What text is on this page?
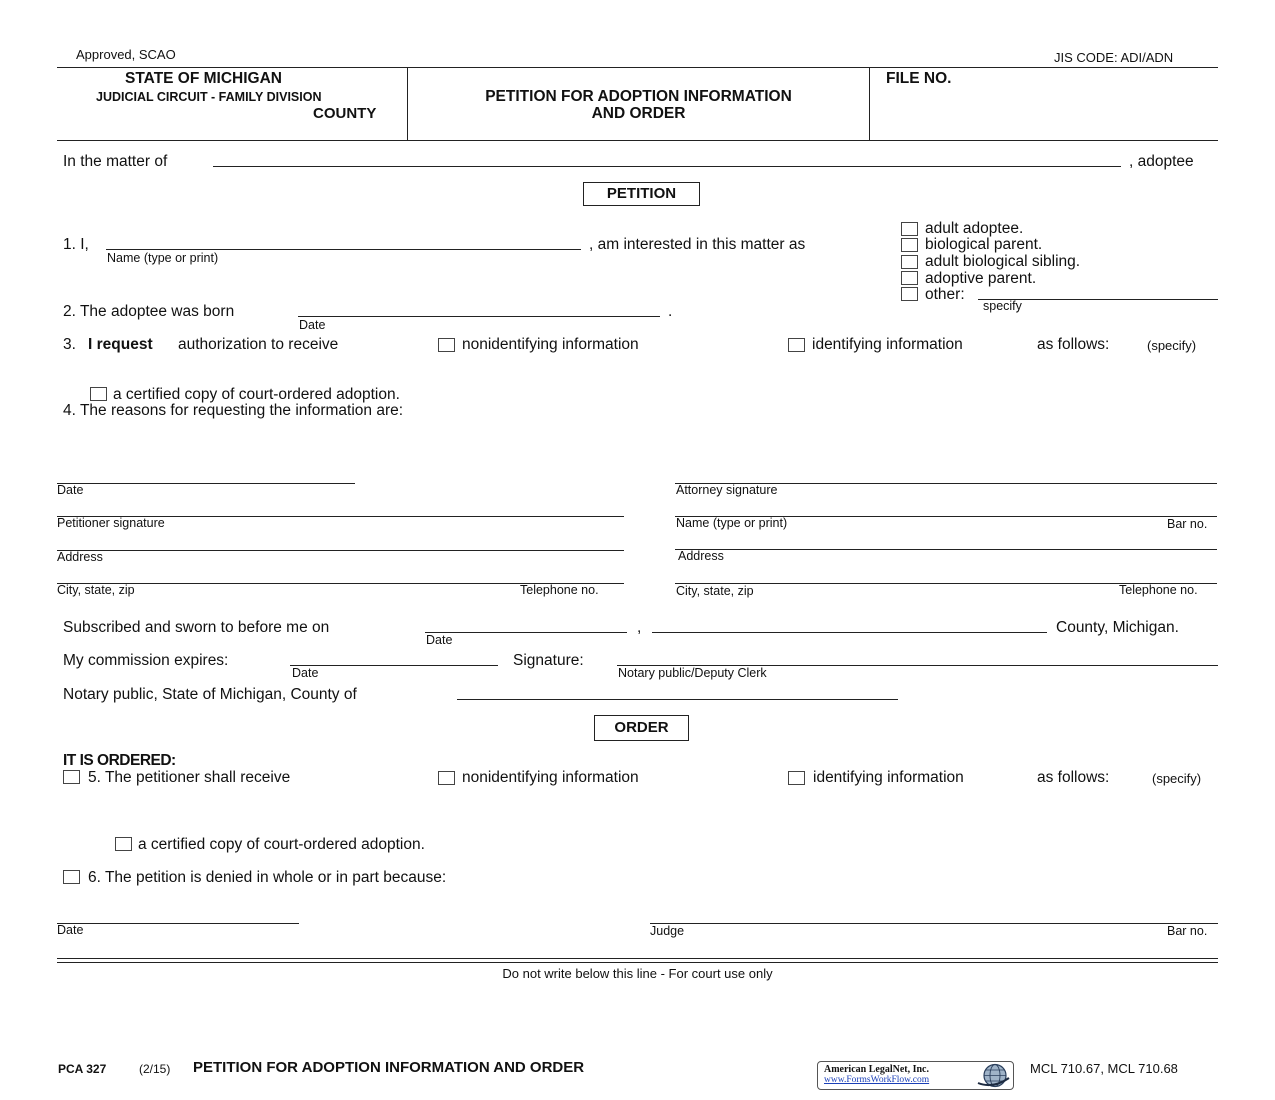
Approved, SCAO	JIS CODE: ADI/ADN
STATE OF MICHIGAN
JUDICIAL CIRCUIT - FAMILY DIVISION
COUNTY
PETITION FOR ADOPTION INFORMATION
AND ORDER
FILE NO.
In the matter of	, adoptee
PETITION
1. I,
Name (type or print)
, am interested in this matter as
adult adoptee.
biological parent.
adult biological sibling.
adoptive parent.
other:
specify
2. The adoptee was born
Date
.
3. I request authorization to receive	nonidentifying information	identifying information	as follows:	(specify)
a certified copy of court-ordered adoption.
4. The reasons for requesting the information are:
Date	Attorney signature
Petitioner signature	Name (type or print)	Bar no.
Address	Address
City, state, zip	Telephone no.	City, state, zip	Telephone no.
Subscribed and sworn to before me on
Date
,	County, Michigan.
My commission expires:
Date
Signature:
Notary public/Deputy Clerk
Notary public, State of Michigan, County of
ORDER
IT IS ORDERED:
5. The petitioner shall receive	nonidentifying information	identifying information	as follows:	(specify)
a certified copy of court-ordered adoption.
6. The petition is denied in whole or in part because:
Date	Judge	Bar no.
Do not write below this line - For court use only
PCA 327	(2/15) PETITION FOR ADOPTION INFORMATION AND ORDER	American LegalNet, Inc.
www.FormsWorkFlow.com
MCL 710.67, MCL 710.68
